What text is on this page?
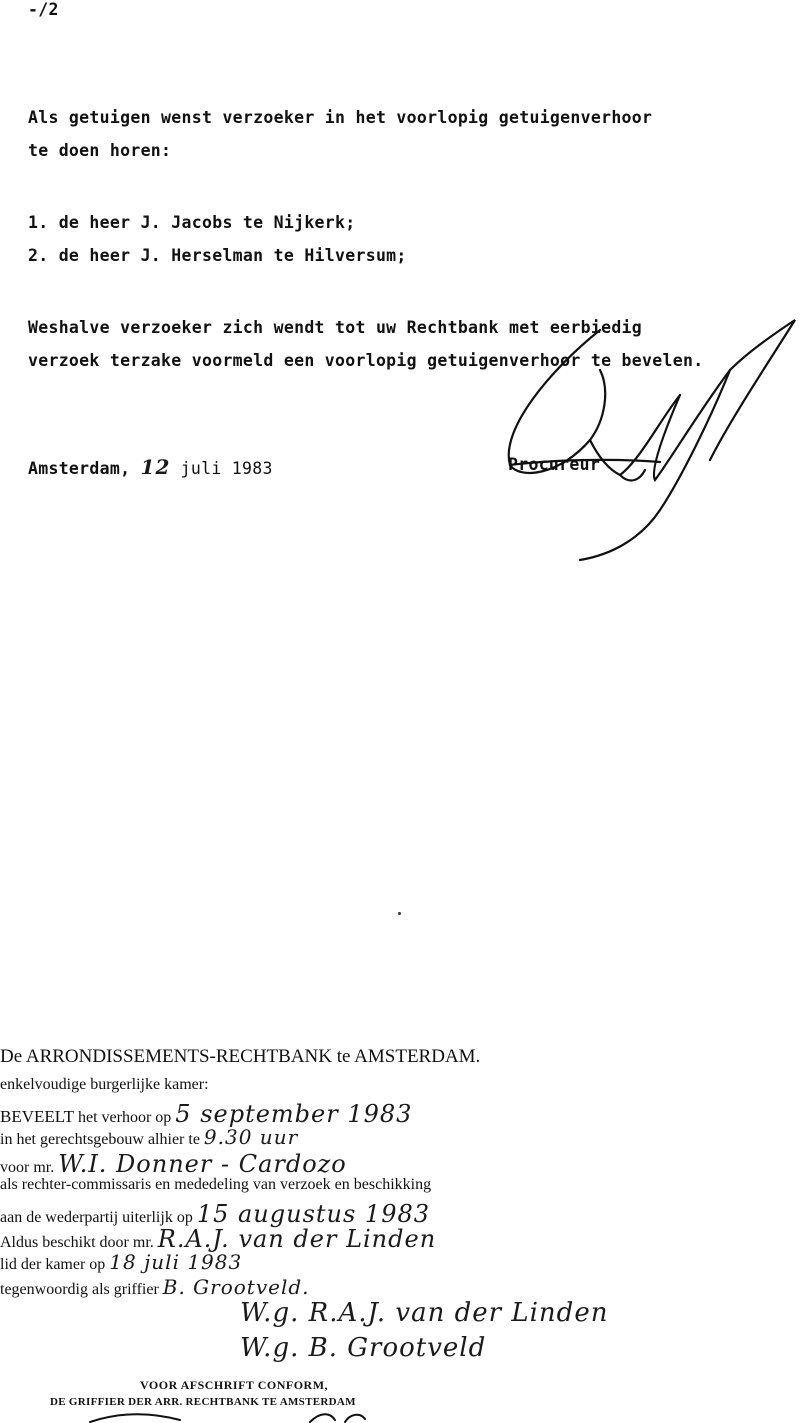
-/2
Als getuigen wenst verzoeker in het voorlopig getuigenverhoor
te doen horen:
1. de heer J. Jacobs te Nijkerk;
2. de heer J. Herselman te Hilversum;
Weshalve verzoeker zich wendt tot uw Rechtbank met eerbiedig
verzoek terzake voormeld een voorlopig getuigenverhoor te bevelen.
Amsterdam, 12 juli 1983	Procureur
De ARRONDISSEMENTS-RECHTBANK te AMSTERDAM.
enkelvoudige burgerlijke kamer:
BEVEELT het verhoor op 5 september 1983
in het gerechtsgebouw alhier te 9.30 uur
voor mr. W.I. Donner - Cardozo
als rechter-commissaris en mededeling van verzoek en beschikking
aan de wederpartij uiterlijk op 15 augustus 1983
Aldus beschikt door mr. R.A.J. van der Linden
lid der kamer op 18 juli 1983
tegenwoordig als griffier B. Grootveld.
W.g. R.A.J. van der Linden
W.g. B. Grootveld
VOOR AFSCHRIFT CONFORM,
DE GRIFFIER DER ARR. RECHTBANK TE AMSTERDAM
